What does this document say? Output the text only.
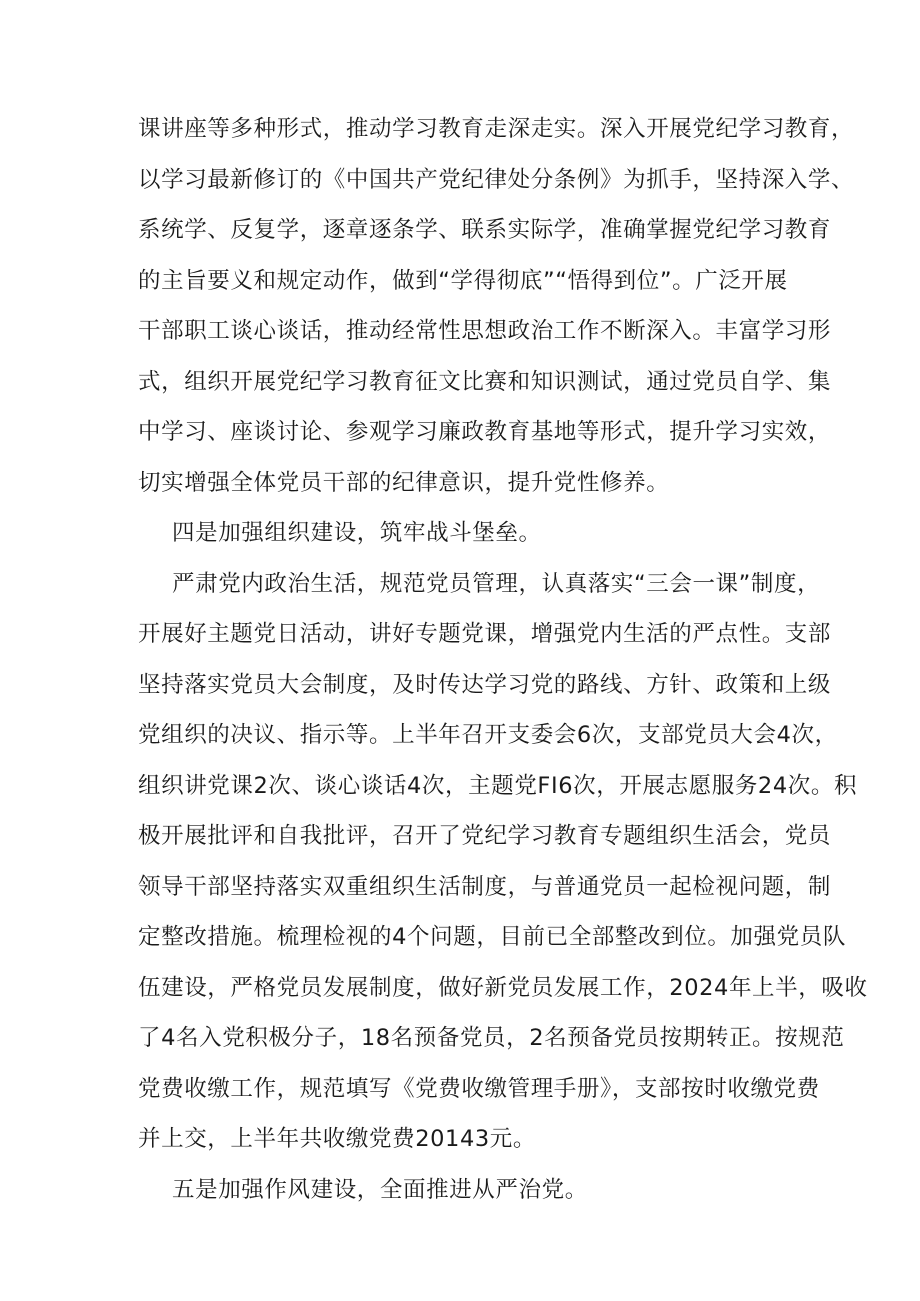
课讲座等多种形式，推动学习教育走深走实。深入开展党纪学习教育，
以学习最新修订的《中国共产党纪律处分条例》为抓手，坚持深入学、
系统学、反复学，逐章逐条学、联系实际学，准确掌握党纪学习教育
的主旨要义和规定动作，做到“学得彻底”“悟得到位”。广泛开展
干部职工谈心谈话，推动经常性思想政治工作不断深入。丰富学习形
式，组织开展党纪学习教育征文比赛和知识测试，通过党员自学、集
中学习、座谈讨论、参观学习廉政教育基地等形式，提升学习实效，
切实增强全体党员干部的纪律意识，提升党性修养。
四是加强组织建设，筑牢战斗堡垒。
严肃党内政治生活，规范党员管理，认真落实“三会一课”制度，
开展好主题党日活动，讲好专题党课，增强党内生活的严点性。支部
坚持落实党员大会制度，及时传达学习党的路线、方针、政策和上级
党组织的决议、指示等。上半年召开支委会6次，支部党员大会4次，
组织讲党课2次、谈心谈话4次，主题党FI6次，开展志愿服务24次。积
极开展批评和自我批评，召开了党纪学习教育专题组织生活会，党员
领导干部坚持落实双重组织生活制度，与普通党员一起检视问题，制
定整改措施。梳理检视的4个问题，目前已全部整改到位。加强党员队
伍建设，严格党员发展制度，做好新党员发展工作，2024年上半，吸收
了4名入党积极分子，18名预备党员，2名预备党员按期转正。按规范
党费收缴工作，规范填写《党费收缴管理手册》，支部按时收缴党费
并上交，上半年共收缴党费20143元。
五是加强作风建设，全面推进从严治党。
